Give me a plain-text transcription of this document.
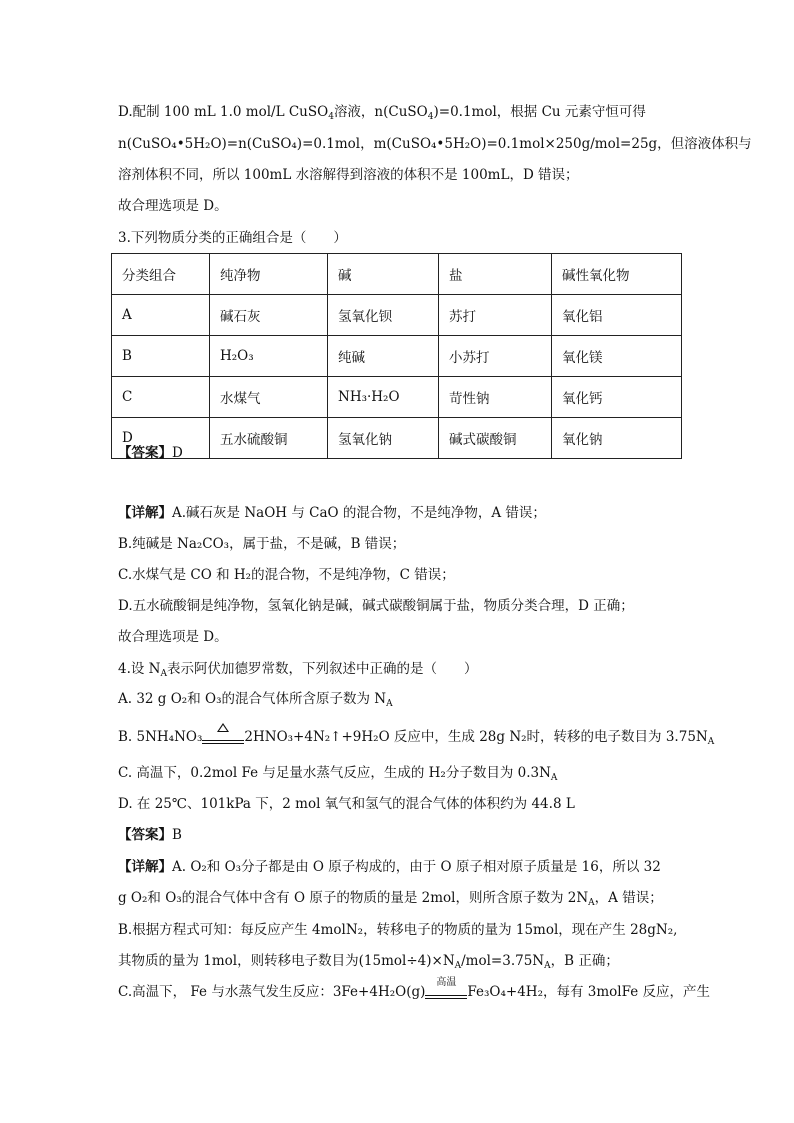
D.配制 100 mL 1.0 mol/L CuSO$_4$溶液，n(CuSO$_4$)=0.1mol，根据 Cu 元素守恒可得
n(CuSO₄•5H₂O)=n(CuSO₄)=0.1mol，m(CuSO₄•5H₂O)=0.1mol×250g/mol=25g，但溶液体积与
溶剂体积不同，所以 100mL 水溶解得到溶液的体积不是 100mL，D 错误；
故合理选项是 D。
3.下列物质分类的正确组合是（　　）
分类组合	纯净物	碱	盐	碱性氧化物
A	碱石灰	氢氧化钡	苏打	氧化铝
B	H₂O₃	纯碱	小苏打	氧化镁
C	水煤气	NH₃·H₂O	苛性钠	氧化钙
D	五水硫酸铜	氢氧化钠	碱式碳酸铜	氧化钠
【答案】D
【详解】A.碱石灰是 NaOH 与 CaO 的混合物，不是纯净物，A 错误；
B.纯碱是 Na₂CO₃，属于盐，不是碱，B 错误；
C.水煤气是 CO 和 H₂的混合物，不是纯净物，C 错误；
D.五水硫酸铜是纯净物，氢氧化钠是碱，碱式碳酸铜属于盐，物质分类合理，D 正确；
故合理选项是 D。
4.设 $N_A$表示阿伏加德罗常数，下列叙述中正确的是（　　）
A. 32 g O₂和 O₃的混合气体所含原子数为 $N_A$
B. 5NH₄NO₃	2HNO₃+4N₂↑+9H₂O 反应中，生成 28g N₂时，转移的电子数目为 $3.75N_A$
C. 高温下，0.2mol Fe 与足量水蒸气反应，生成的 H₂分子数目为 $0.3N_A$
D. 在 25℃、101kPa 下，2 mol 氧气和氢气的混合气体的体积约为 44.8 L
【答案】B
【详解】A. O₂和 O₃分子都是由 O 原子构成的，由于 O 原子相对原子质量是 16，所以 32
g O₂和 O₃的混合气体中含有 O 原子的物质的量是 2mol，则所含原子数为 $2N_A$，A 错误；
B.根据方程式可知：每反应产生 4molN₂，转移电子的物质的量为 15mol，现在产生 28gN₂,
其物质的量为 1mol，则转移电子数目为$(15mol\div 4)\times N_A/mol=3.75N_A$，B 正确；
C.高温下， Fe 与水蒸气发生反应：3Fe+4H₂O(g)
高温
Fe₃O₄+4H₂，每有 3molFe 反应，产生
